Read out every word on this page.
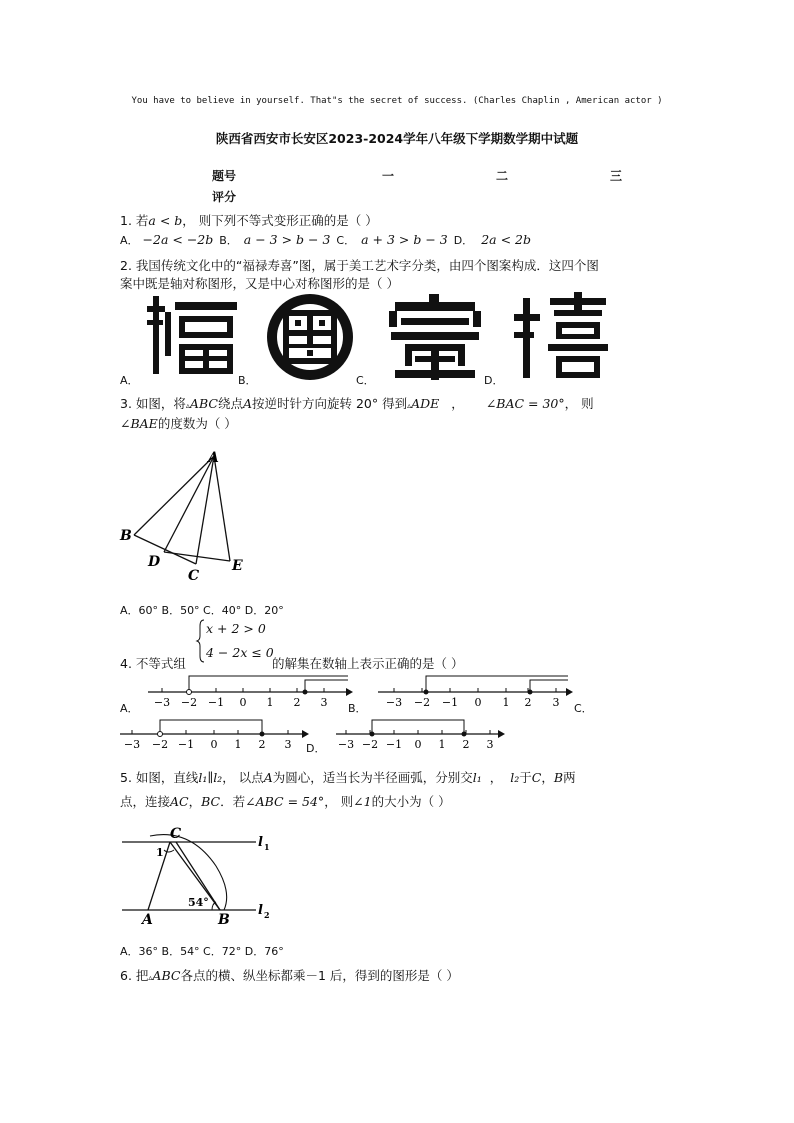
You have to believe in yourself. That"s the secret of success. (Charles Chaplin , American actor )
陕西省西安市长安区2023-2024学年八年级下学期数学期中试题
题号	一	二	三
评分
1. 若a < b， 则下列不等式变形正确的是（ ）
A． −2a < −2b B． a − 3 > b − 3 C． a + 3 > b − 3 D． 2a < 2b
2. 我国传统文化中的“福禄寿喜”图，属于美工艺术字分类，由四个图案构成．这四个图
案中既是轴对称图形，又是中心对称图形的是（ ）
A．	B．	C．	D．
3. 如图，将▵ABC绕点A按逆时针方向旋转 20° 得到▵ADE ， ∠BAC = 30°， 则
∠BAE的度数为（ ）
A
B
D
C
E
A．60° B．50° C．40° D．20°
x + 2 > 0
4 − 2x ≤ 0
4. 不等式组	的解集在数轴上表示正确的是（ ）
−3 −2 −1 0 1 2 3
A．	−3 −2 −1 0 1 2 3
B．	C．
−3 −2 −1 0 1 2 3 D． −3 −2 −1 0 1 2 3
5. 如图，直线l₁∥l₂， 以点A为圆心，适当长为半径画弧，分别交l₁ ， l₂于C，B两
点，连接AC，BC．若∠ABC = 54°， 则∠1的大小为（ ）
C
1
A	B
54°
l 1
l 2
A．36° B．54° C．72° D．76°
6. 把▵ABC各点的横、纵坐标都乘－1 后，得到的图形是（ ）
